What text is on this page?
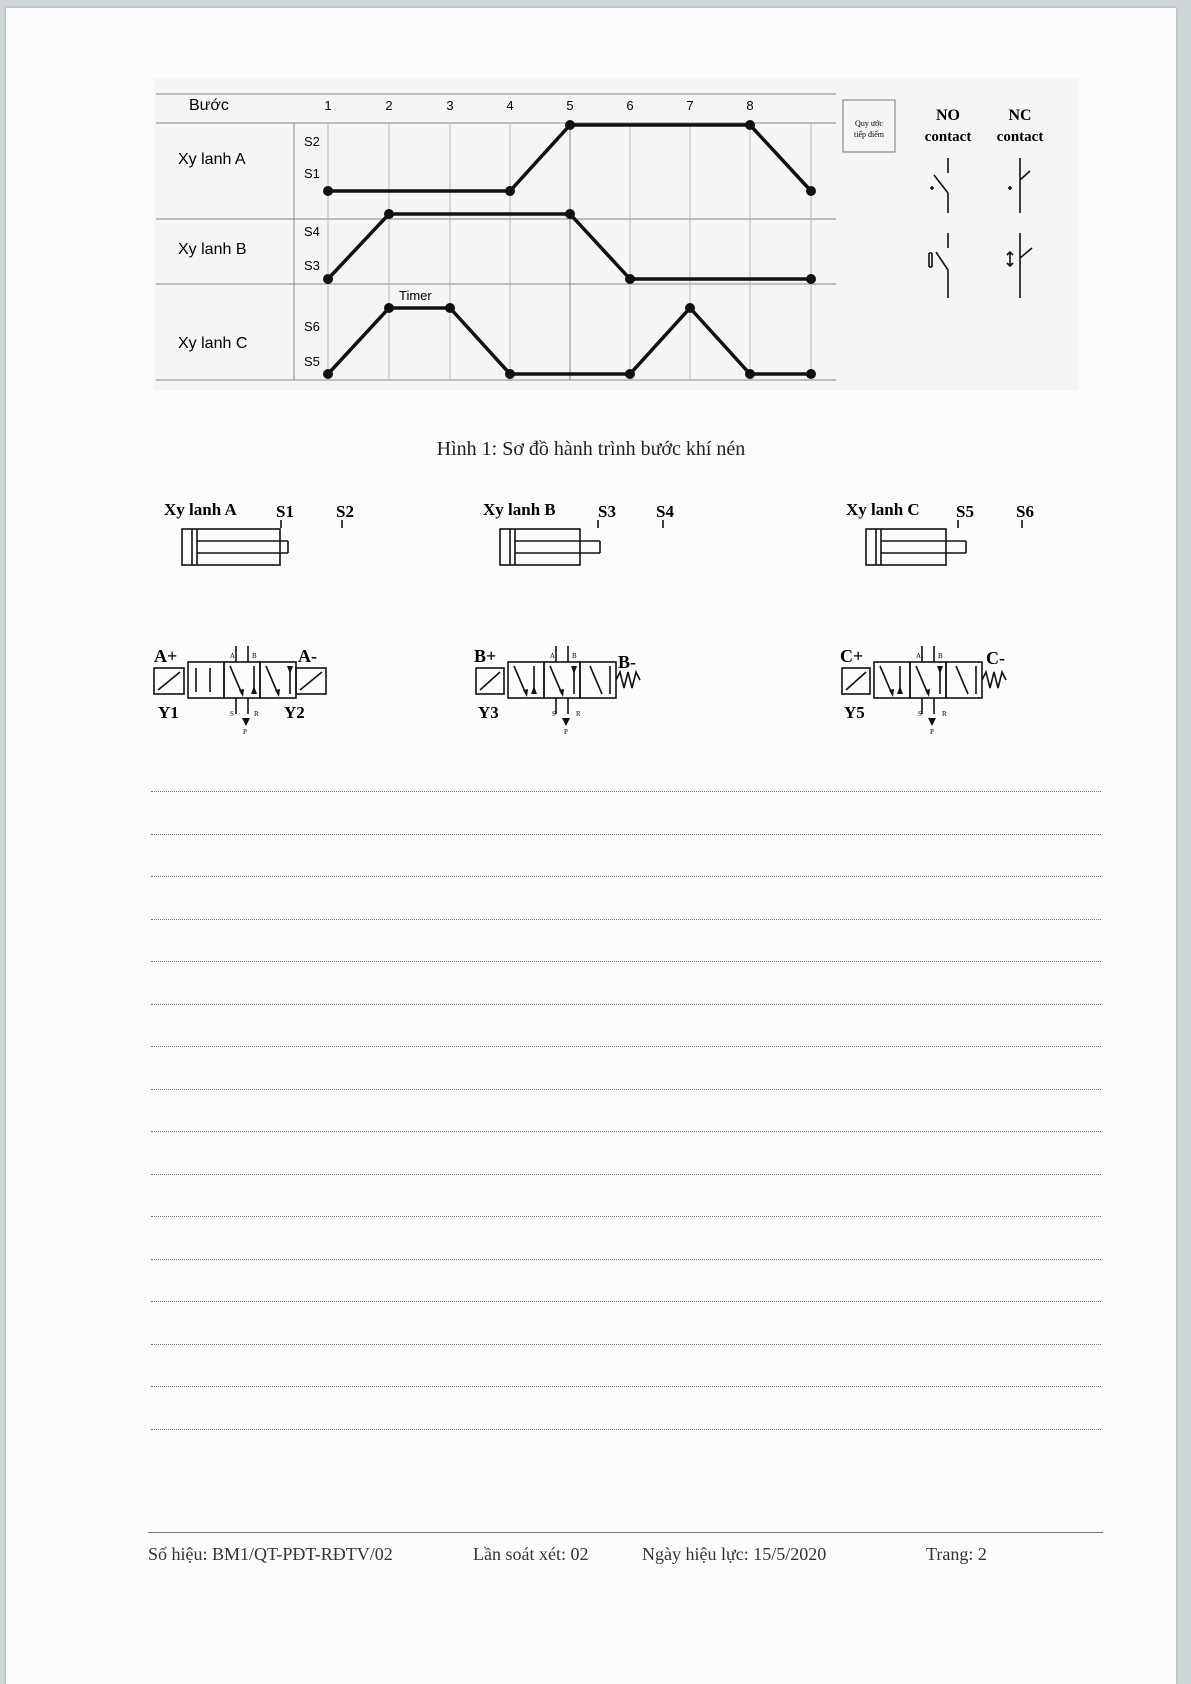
Bước	1	2	3	4	5	6	7	8
Xy lanh A
Xy lanh B
Xy lanh C
S2
S1
S4
S3
S6
S5
Timer
Quy ước
tiếp điểm
NO
contact
NC
contact
Hình 1: Sơ đồ hành trình bước khí nén
Xy lanh A	Xy lanh B	Xy lanh C
S1 S2	S3 S4	S5 S6
A+	A-
Y1	Y2
A B
S	R
P
B+	B-
Y3
A B
S	R
P
C+	C-
Y5
A B
S	R
P
Số hiệu: BM1/QT-PĐT-RĐTV/02	Lần soát xét: 02	Ngày hiệu lực: 15/5/2020	Trang: 2
